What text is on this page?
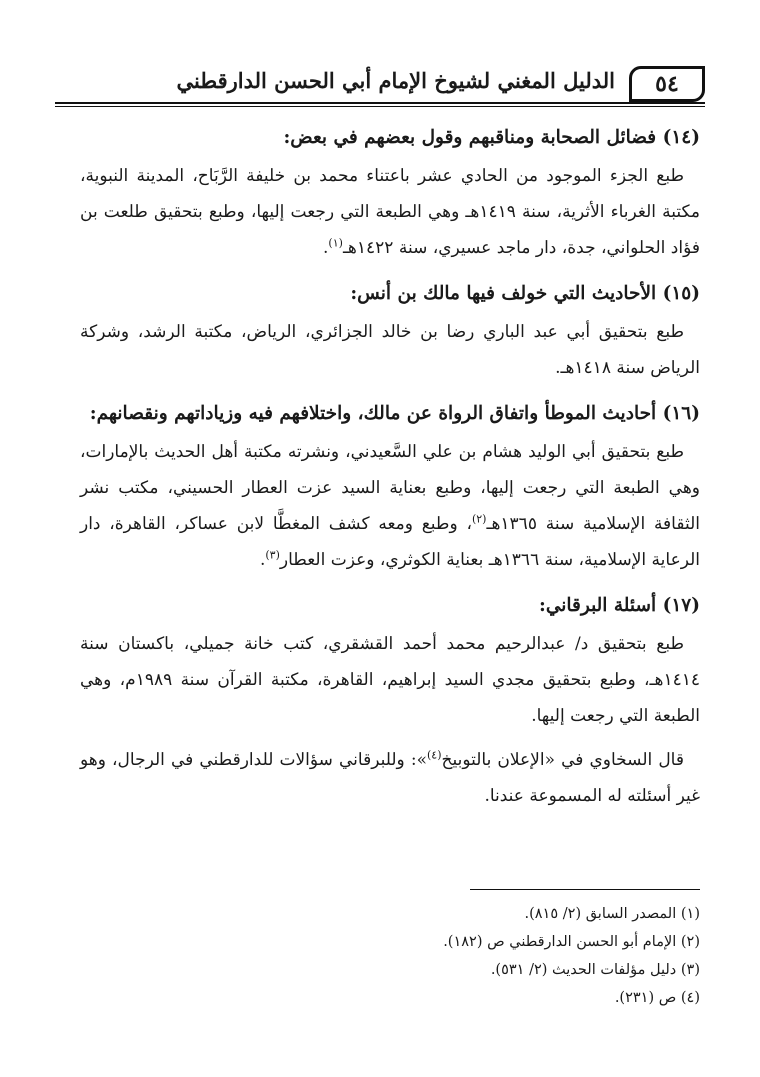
٥٤
الدليل المغني لشيوخ الإمام أبي الحسن الدارقطني

(١٤) فضائل الصحابة ومناقبهم وقول بعضهم في بعض:

طبع الجزء الموجود من الحادي عشر باعتناء محمد بن خليفة الرَّبَاح، المدينة النبوية، مكتبة الغرباء الأثرية، سنة ١٤١٩هـ وهي الطبعة التي رجعت إليها، وطبع بتحقيق طلعت بن فؤاد الحلواني، جدة، دار ماجد عسيري، سنة ١٤٢٢هـ$^{(١)}$.

(١٥) الأحاديث التي خولف فيها مالك بن أنس:

طبع بتحقيق أبي عبد الباري رضا بن خالد الجزائري، الرياض، مكتبة الرشد، وشركة الرياض سنة ١٤١٨هـ.

(١٦) أحاديث الموطأ واتفاق الرواة عن مالك، واختلافهم فيه وزياداتهم ونقصانهم:

طبع بتحقيق أبي الوليد هشام بن علي السَّعيدني، ونشرته مكتبة أهل الحديث بالإمارات، وهي الطبعة التي رجعت إليها، وطبع بعناية السيد عزت العطار الحسيني، مكتب نشر الثقافة الإسلامية سنة ١٣٦٥هـ$^{(٢)}$، وطبع ومعه كشف المغطَّا لابن عساكر، القاهرة، دار الرعاية الإسلامية، سنة ١٣٦٦هـ بعناية الكوثري، وعزت العطار$^{(٣)}$.

(١٧) أسئلة البرقاني:

طبع بتحقيق د/ عبدالرحيم محمد أحمد القشقري، كتب خانة جميلي، باكستان سنة ١٤١٤هـ، وطبع بتحقيق مجدي السيد إبراهيم، القاهرة، مكتبة القرآن سنة ١٩٨٩م، وهي الطبعة التي رجعت إليها.

قال السخاوي في «الإعلان بالتوبيخ$^{(٤)}$»: وللبرقاني سؤالات للدارقطني في الرجال، وهو غير أسئلته له المسموعة عندنا.

(١) المصدر السابق (٢/ ٨١٥).

(٢) الإمام أبو الحسن الدارقطني ص (١٨٢).

(٣) دليل مؤلفات الحديث (٢/ ٥٣١).

(٤) ص (٢٣١).
